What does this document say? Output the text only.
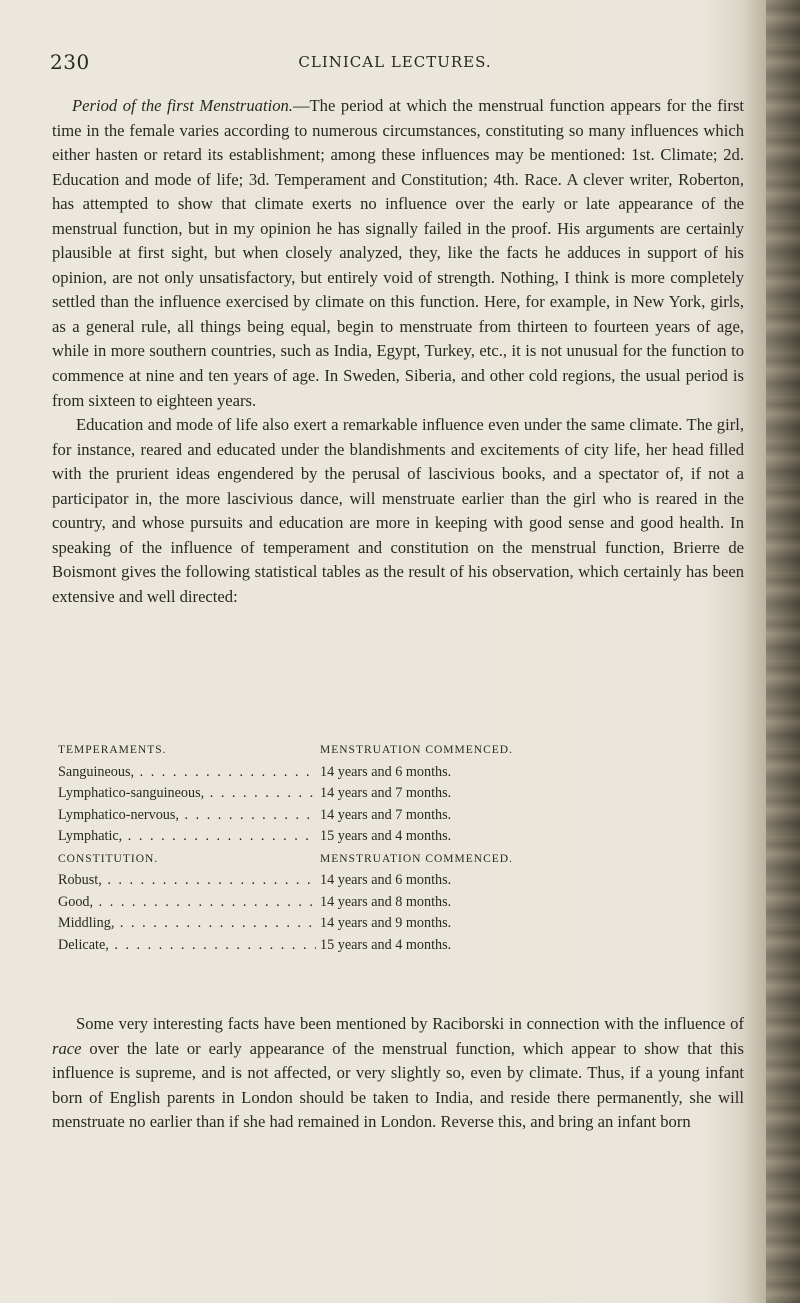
230	CLINICAL LECTURES.

Period of the first Menstruation.—The period at which the menstrual function appears for the first time in the female varies according to numerous circumstances, constituting so many influences which either hasten or retard its establishment; among these influences may be mentioned: 1st. Climate; 2d. Education and mode of life; 3d. Temperament and Constitution; 4th. Race. A clever writer, Roberton, has attempted to show that climate exerts no influence over the early or late appearance of the menstrual function, but in my opinion he has signally failed in the proof. His arguments are certainly plausible at first sight, but when closely analyzed, they, like the facts he adduces in support of his opinion, are not only unsatisfactory, but entirely void of strength. Nothing, I think is more completely settled than the influence exercised by climate on this function. Here, for example, in New York, girls, as a general rule, all things being equal, begin to menstruate from thirteen to fourteen years of age, while in more southern countries, such as India, Egypt, Turkey, etc., it is not unusual for the function to commence at nine and ten years of age. In Sweden, Siberia, and other cold regions, the usual period is from sixteen to eighteen years.

Education and mode of life also exert a remarkable influence even under the same climate. The girl, for instance, reared and educated under the blandishments and excitements of city life, her head filled with the prurient ideas engendered by the perusal of lascivious books, and a spectator of, if not a participator in, the more lascivious dance, will menstruate earlier than the girl who is reared in the country, and whose pursuits and education are more in keeping with good sense and good health. In speaking of the influence of temperament and constitution on the menstrual function, Brierre de Boismont gives the following statistical tables as the result of his observation, which certainly has been extensive and well directed:

TEMPERAMENTS.	MENSTRUATION COMMENCED.
Sanguineous, . .	14 years and 6 months.
Lymphatico-sanguineous, . .	14 years and 7 months.
Lymphatico-nervous, . .	14 years and 7 months.
Lymphatic, . .	15 years and 4 months.
CONSTITUTION.	MENSTRUATION COMMENCED.
Robust, . .	14 years and 6 months.
Good, . .	14 years and 8 months.
Middling, . .	14 years and 9 months.
Delicate, . .	15 years and 4 months.

Some very interesting facts have been mentioned by Raciborski in connection with the influence of race over the late or early appearance of the menstrual function, which appear to show that this influence is supreme, and is not affected, or very slightly so, even by climate. Thus, if a young infant born of English parents in London should be taken to India, and reside there permanently, she will menstruate no earlier than if she had remained in London. Reverse this, and bring an infant born
